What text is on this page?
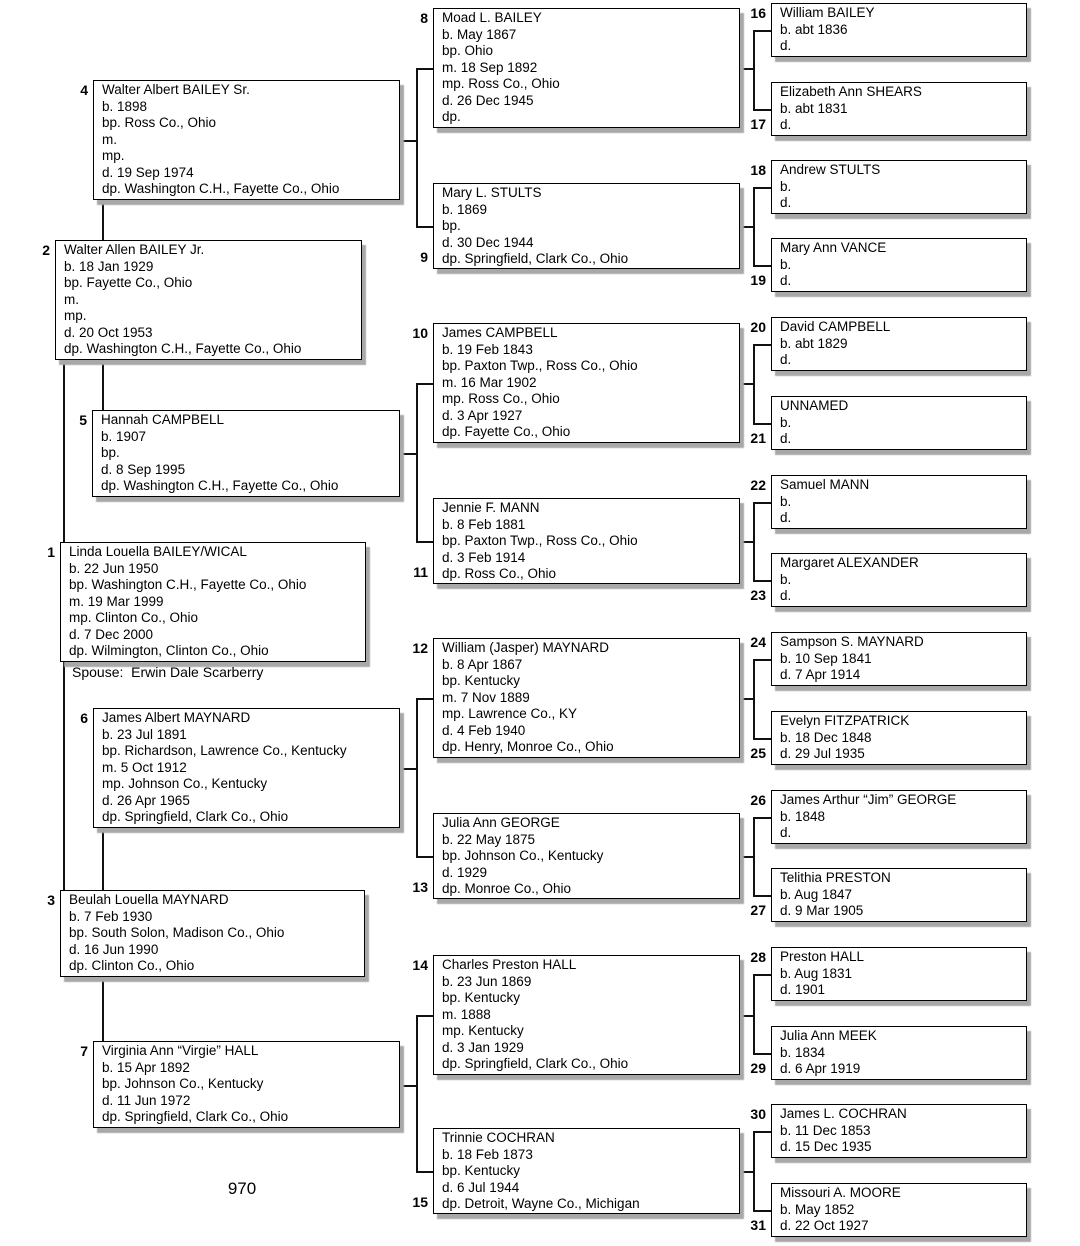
1 Linda Louella BAILEY/WICAL
b. 22 Jun 1950
bp. Washington C.H., Fayette Co., Ohio
m. 19 Mar 1999
mp. Clinton Co., Ohio
d. 7 Dec 2000
dp. Wilmington, Clinton Co., Ohio
2 Walter Allen BAILEY Jr.
b. 18 Jan 1929
bp. Fayette Co., Ohio
m.
mp.
d. 20 Oct 1953
dp. Washington C.H., Fayette Co., Ohio
3 Beulah Louella MAYNARD
b. 7 Feb 1930
bp. South Solon, Madison Co., Ohio
d. 16 Jun 1990
dp. Clinton Co., Ohio
4 Walter Albert BAILEY Sr.
b. 1898
bp. Ross Co., Ohio
m.
mp.
d. 19 Sep 1974
dp. Washington C.H., Fayette Co., Ohio
5 Hannah CAMPBELL
b. 1907
bp.
d. 8 Sep 1995
dp. Washington C.H., Fayette Co., Ohio
6 James Albert MAYNARD
b. 23 Jul 1891
bp. Richardson, Lawrence Co., Kentucky
m. 5 Oct 1912
mp. Johnson Co., Kentucky
d. 26 Apr 1965
dp. Springfield, Clark Co., Ohio
7 Virginia Ann “Virgie” HALL
b. 15 Apr 1892
bp. Johnson Co., Kentucky
d. 11 Jun 1972
dp. Springfield, Clark Co., Ohio
8 Moad L. BAILEY
b. May 1867
bp. Ohio
m. 18 Sep 1892
mp. Ross Co., Ohio
d. 26 Dec 1945
dp.
9
Mary L. STULTS
b. 1869
bp.
d. 30 Dec 1944
dp. Springfield, Clark Co., Ohio
10 James CAMPBELL
b. 19 Feb 1843
bp. Paxton Twp., Ross Co., Ohio
m. 16 Mar 1902
mp. Ross Co., Ohio
d. 3 Apr 1927
dp. Fayette Co., Ohio
11
Jennie F. MANN
b. 8 Feb 1881
bp. Paxton Twp., Ross Co., Ohio
d. 3 Feb 1914
dp. Ross Co., Ohio
12 William (Jasper) MAYNARD
b. 8 Apr 1867
bp. Kentucky
m. 7 Nov 1889
mp. Lawrence Co., KY
d. 4 Feb 1940
dp. Henry, Monroe Co., Ohio
13
Julia Ann GEORGE
b. 22 May 1875
bp. Johnson Co., Kentucky
d. 1929
dp. Monroe Co., Ohio
14 Charles Preston HALL
b. 23 Jun 1869
bp. Kentucky
m. 1888
mp. Kentucky
d. 3 Jan 1929
dp. Springfield, Clark Co., Ohio
15
Trinnie COCHRAN
b. 18 Feb 1873
bp. Kentucky
d. 6 Jul 1944
dp. Detroit, Wayne Co., Michigan
16 William BAILEY
b. abt 1836
d.
17
Elizabeth Ann SHEARS
b. abt 1831
d.
18 Andrew STULTS
b.
d.
19
Mary Ann VANCE
b.
d.
20 David CAMPBELL
b. abt 1829
d.
21
UNNAMED
b.
d.
22 Samuel MANN
b.
d.
23
Margaret ALEXANDER
b.
d.
24 Sampson S. MAYNARD
b. 10 Sep 1841
d. 7 Apr 1914
25
Evelyn FITZPATRICK
b. 18 Dec 1848
d. 29 Jul 1935
26 James Arthur “Jim” GEORGE
b. 1848
d.
27
Telithia PRESTON
b. Aug 1847
d. 9 Mar 1905
28 Preston HALL
b. Aug 1831
d. 1901
29
Julia Ann MEEK
b. 1834
d. 6 Apr 1919
30 James L. COCHRAN
b. 11 Dec 1853
d. 15 Dec 1935
31
Missouri A. MOORE
b. May 1852
d. 22 Oct 1927
Spouse:  Erwin Dale Scarberry
970
